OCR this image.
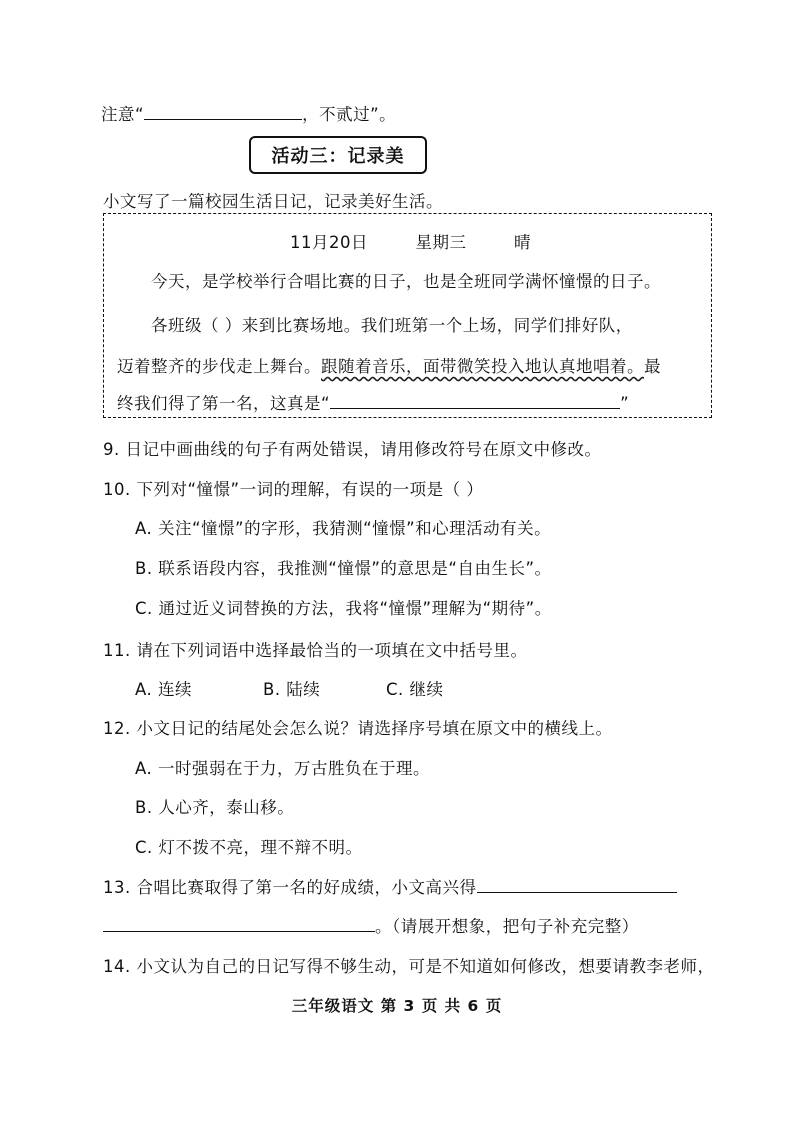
注意“	，不贰过”。
活动三：记录美
小文写了一篇校园生活日记，记录美好生活。
11月20日	星期三	晴
今天，是学校举行合唱比赛的日子，也是全班同学满怀憧憬的日子。
各班级（ ）来到比赛场地。我们班第一个上场，同学们排好队，
迈着整齐的步伐走上舞台。跟随着音乐，面带微笑投入地认真地唱着。最
终我们得了第一名，这真是“	”
9. 日记中画曲线的句子有两处错误，请用修改符号在原文中修改。
10. 下列对“憧憬”一词的理解，有误的一项是（ ）
A. 关注“憧憬”的字形，我猜测“憧憬”和心理活动有关。
B. 联系语段内容，我推测“憧憬”的意思是“自由生长”。
C. 通过近义词替换的方法，我将“憧憬”理解为“期待”。
11. 请在下列词语中选择最恰当的一项填在文中括号里。
A. 连续	B. 陆续	C. 继续
12. 小文日记的结尾处会怎么说？请选择序号填在原文中的横线上。
A. 一时强弱在于力，万古胜负在于理。
B. 人心齐，泰山移。
C. 灯不拨不亮，理不辩不明。
13. 合唱比赛取得了第一名的好成绩，小文高兴得
。（请展开想象，把句子补充完整）
14. 小文认为自己的日记写得不够生动，可是不知道如何修改，想要请教李老师，
三年级语文 第 3 页 共 6 页
